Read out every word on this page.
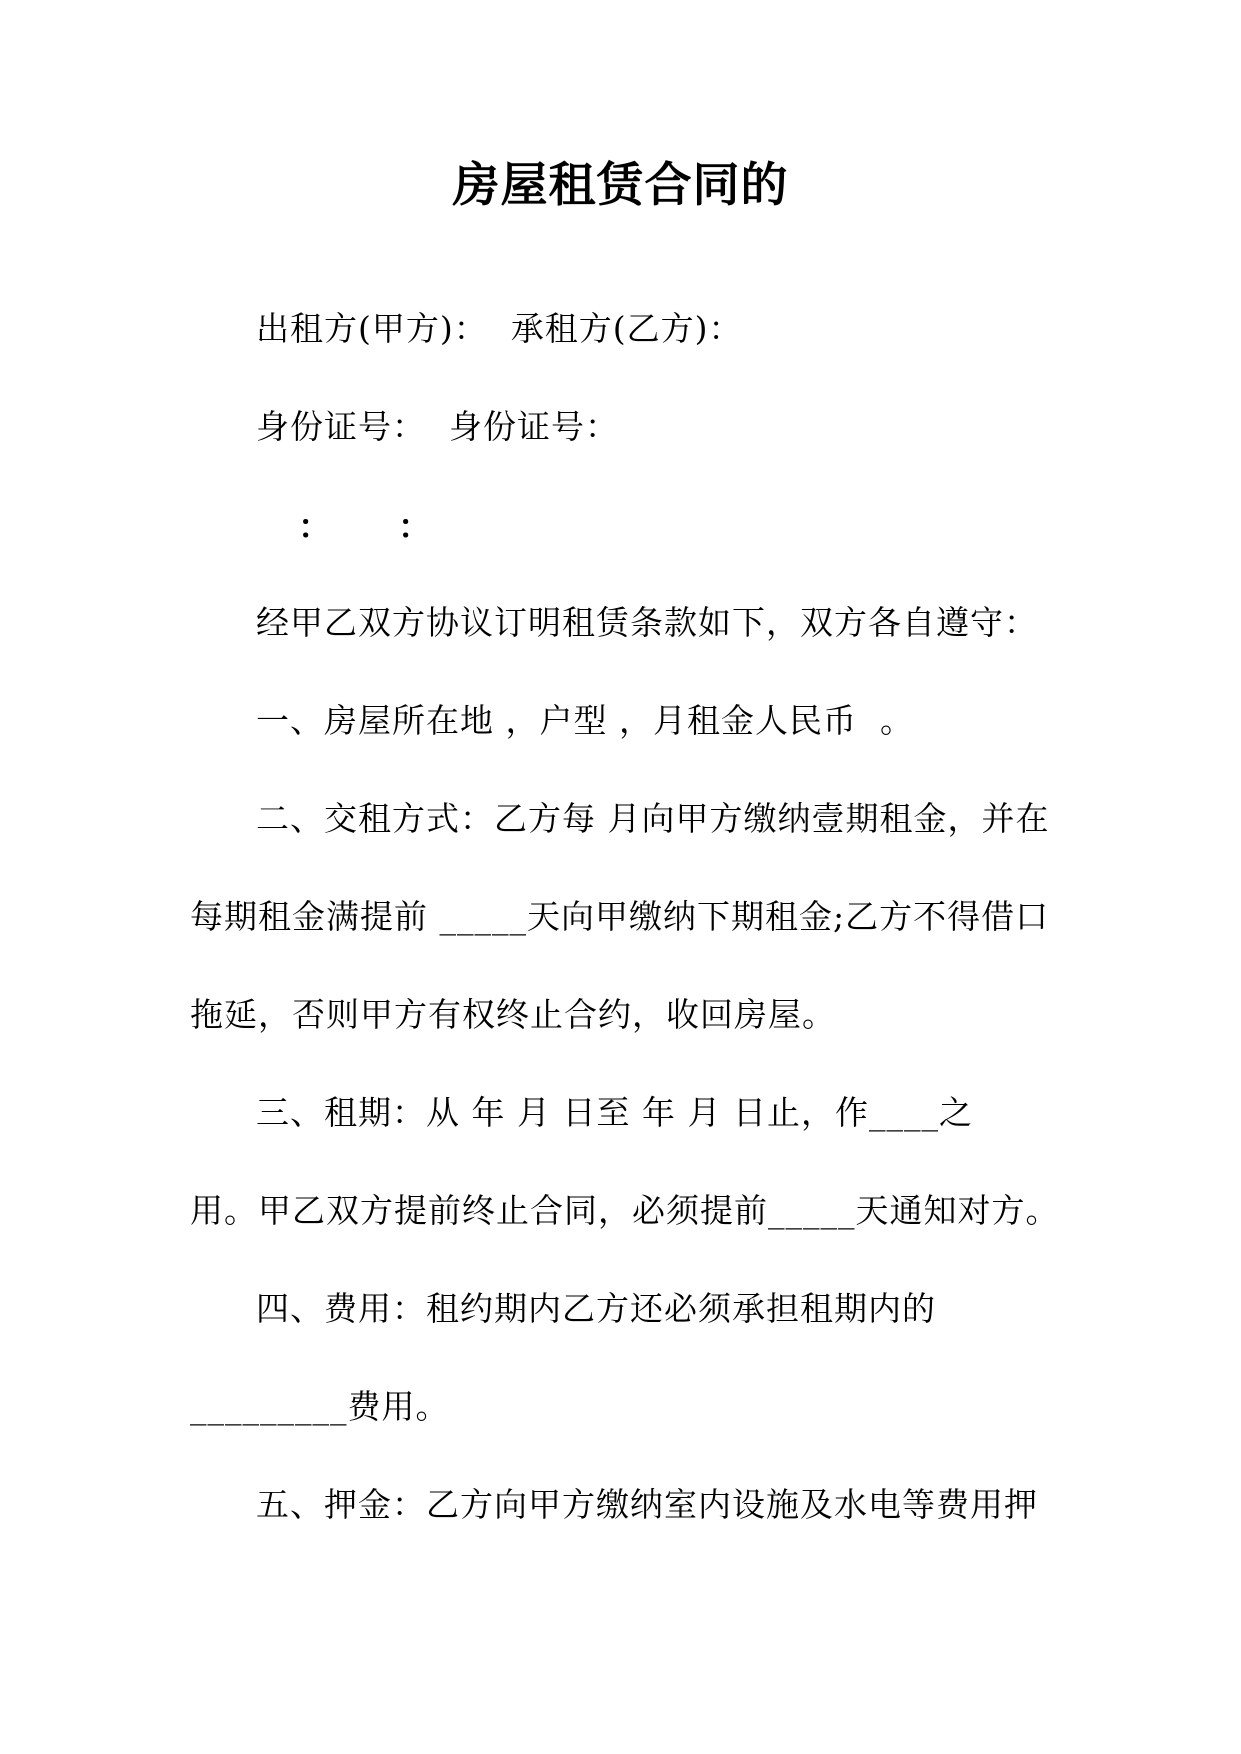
房屋租赁合同的
出租方(甲方)：  承租方(乙方)：
身份证号：  身份证号：
： ：
经甲乙双方协议订明租赁条款如下，双方各自遵守：
一、房屋所在地 ，户型 ，月租金人民币  。
二、交租方式：乙方每 月向甲方缴纳壹期租金，并在
每期租金满提前 _____天向甲缴纳下期租金;乙方不得借口
拖延，否则甲方有权终止合约，收回房屋。
三、租期：从 年 月 日至 年 月 日止，作____之
用。甲乙双方提前终止合同，必须提前_____天通知对方。
四、费用：租约期内乙方还必须承担租期内的
_________费用。
五、押金：乙方向甲方缴纳室内设施及水电等费用押
